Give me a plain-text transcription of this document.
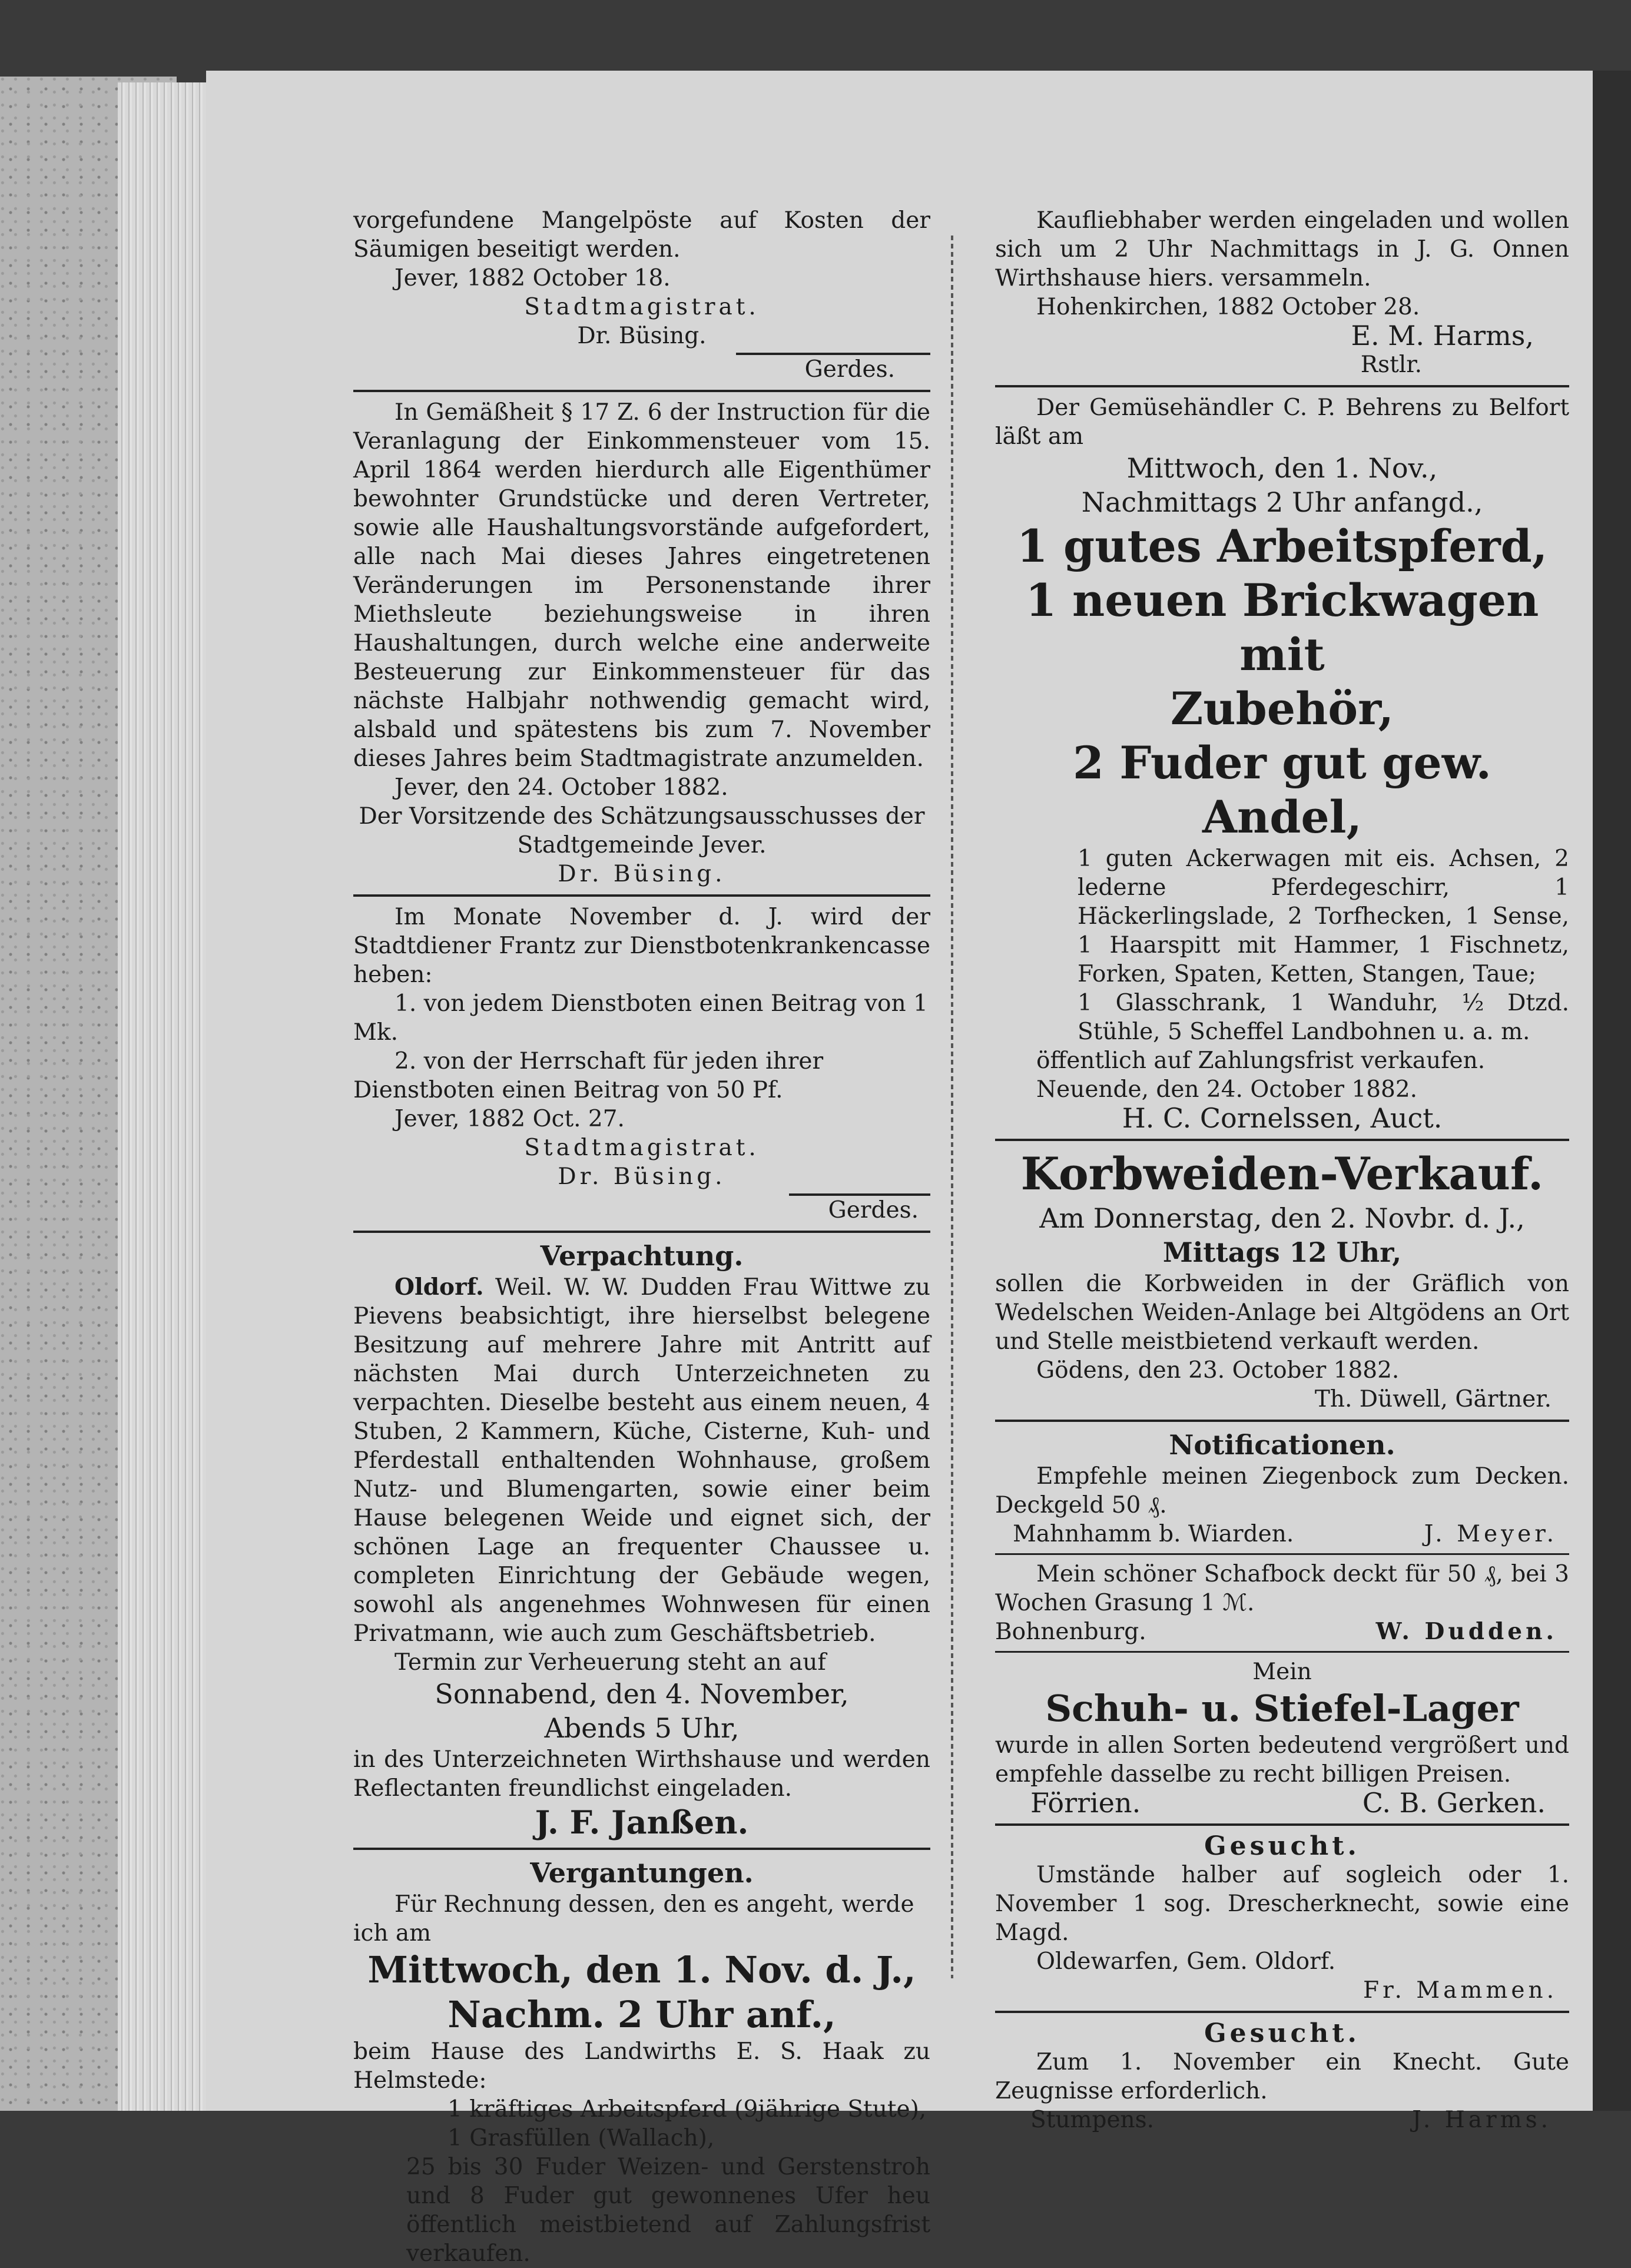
vorgefundene Mangelpöste auf Kosten der Säumigen beseitigt werden.

Jever, 1882 October 18.

Stadtmagistrat.

Dr. Büsing.

Gerdes.

In Gemäßheit § 17 Z. 6 der Instruction für die Veranlagung der Einkommensteuer vom 15. April 1864 werden hierdurch alle Eigenthümer bewohnter Grundstücke und deren Vertreter, sowie alle Haushaltungsvorstände aufgefordert, alle nach Mai dieses Jahres eingetretenen Veränderungen im Personenstande ihrer Miethsleute beziehungsweise in ihren Haushaltungen, durch welche eine anderweite Besteuerung zur Einkommensteuer für das nächste Halbjahr nothwendig gemacht wird, alsbald und spätestens bis zum 7. November dieses Jahres beim Stadtmagistrate anzumelden.

Jever, den 24. October 1882.

Der Vorsitzende des Schätzungsausschusses der Stadtgemeinde Jever.

Dr. Büsing.

Im Monate November d. J. wird der Stadtdiener Frantz zur Dienstbotenkrankencasse heben:

1. von jedem Dienstboten einen Beitrag von 1 Mk.

2. von der Herrschaft für jeden ihrer Dienstboten einen Beitrag von 50 Pf.

Jever, 1882 Oct. 27.

Stadtmagistrat.

Dr. Büsing.

Gerdes.

Verpachtung.

Oldorf. Weil. W. W. Dudden Frau Wittwe zu Pievens beabsichtigt, ihre hierselbst belegene Besitzung auf mehrere Jahre mit Antritt auf nächsten Mai durch Unterzeichneten zu verpachten. Dieselbe besteht aus einem neuen, 4 Stuben, 2 Kammern, Küche, Cisterne, Kuh- und Pferdestall enthaltenden Wohnhause, großem Nutz- und Blumengarten, sowie einer beim Hause belegenen Weide und eignet sich, der schönen Lage an frequenter Chaussee u. completen Einrichtung der Gebäude wegen, sowohl als angenehmes Wohnwesen für einen Privatmann, wie auch zum Geschäftsbetrieb.

Termin zur Verheuerung steht an auf

Sonnabend, den 4. November,

Abends 5 Uhr,

in des Unterzeichneten Wirthshause und werden Reflectanten freundlichst eingeladen.

J. F. Janßen.

Vergantungen.

Für Rechnung dessen, den es angeht, werde ich am

Mittwoch, den 1. Nov. d. J.,

Nachm. 2 Uhr anf.,

beim Hause des Landwirths E. S. Haak zu Helmstede:

1 kräftiges Arbeitspferd (9jährige Stute),

1 Grasfüllen (Wallach),

25 bis 30 Fuder Weizen- und Gerstenstroh und 8 Fuder gut gewonnenes Ufer heu öffentlich meistbietend auf Zahlungsfrist verkaufen.

Kaufliebhaber werden eingeladen und wollen sich um 2 Uhr Nachmittags in J. G. Onnen Wirthshause hiers. versammeln.

Hohenkirchen, 1882 October 28.

E. M. Harms,

Rstlr.

Der Gemüsehändler C. P. Behrens zu Belfort läßt am

Mittwoch, den 1. Nov.,

Nachmittags 2 Uhr anfangd.,

1 gutes Arbeitspferd,

1 neuen Brickwagen mit

Zubehör,

2 Fuder gut gew. Andel,

1 guten Ackerwagen mit eis. Achsen, 2 lederne Pferdegeschirr, 1 Häckerlingslade, 2 Torfhecken, 1 Sense, 1 Haarspitt mit Hammer, 1 Fischnetz, Forken, Spaten, Ketten, Stangen, Taue;

1 Glasschrank, 1 Wanduhr, ½ Dtzd. Stühle, 5 Scheffel Landbohnen u. a. m.

öffentlich auf Zahlungsfrist verkaufen.

Neuende, den 24. October 1882.

H. C. Cornelssen, Auct.

Korbweiden-Verkauf.

Am Donnerstag, den 2. Novbr. d. J.,

Mittags 12 Uhr,

sollen die Korbweiden in der Gräflich von Wedelschen Weiden-Anlage bei Altgödens an Ort und Stelle meistbietend verkauft werden.

Gödens, den 23. October 1882.

Th. Düwell, Gärtner.

Notificationen.

Empfehle meinen Ziegenbock zum Decken. Deckgeld 50 ₰.

Mahnhamm b. Wiarden.	J. Meyer.

Mein schöner Schafbock deckt für 50 ₰, bei 3 Wochen Grasung 1 ℳ.

Bohnenburg.	W. Dudden.

Mein

Schuh- u. Stiefel-Lager

wurde in allen Sorten bedeutend vergrößert und empfehle dasselbe zu recht billigen Preisen.

Förrien.	C. B. Gerken.

Gesucht.

Umstände halber auf sogleich oder 1. November 1 sog. Drescherknecht, sowie eine Magd.

Oldewarfen, Gem. Oldorf.

Fr. Mammen.

Gesucht.

Zum 1. November ein Knecht. Gute Zeugnisse erforderlich.

Stumpens.	J. Harms.
